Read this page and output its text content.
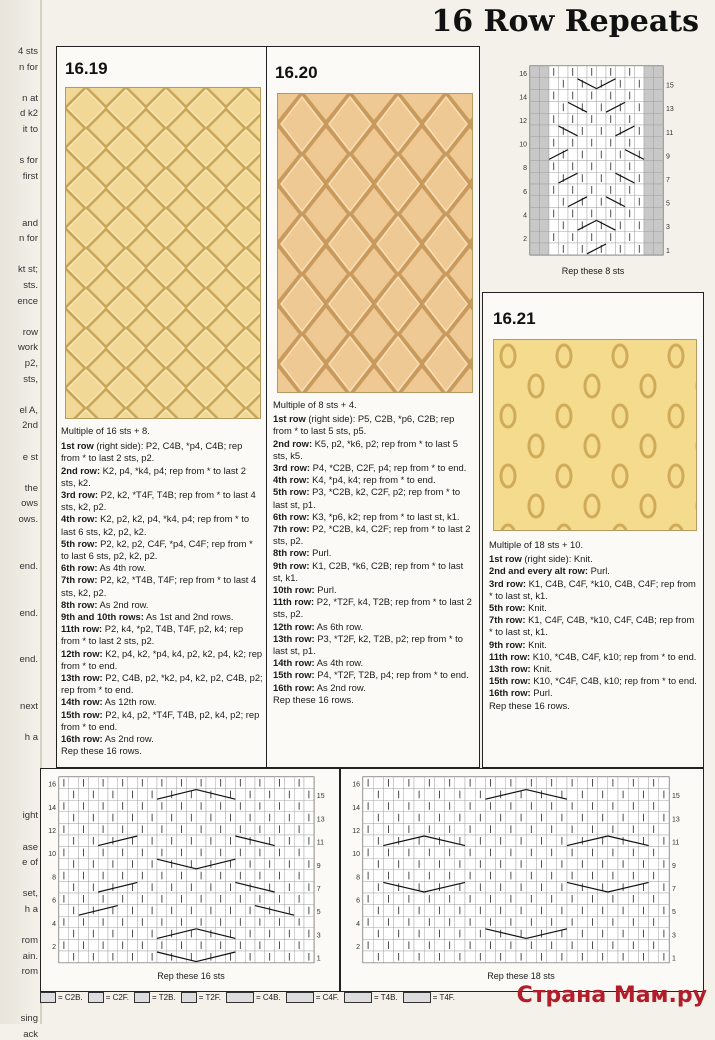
4 sts
n for
n at
d k2
it to
s for
first
and
n for
kt st;
sts.
ence
row
work
p2,
sts,
el A,
2nd
e st
the
ows
ows.
end.
end.
end.
next
h a
ight
ase
e of
set,
h a
rom
ain.
rom
sing
ack
16 Row Repeats
16.19

Multiple of 16 sts + 8.

1st row (right side): P2, C4B, *p4, C4B; rep from * to last 2 sts, p2.

2nd row: K2, p4, *k4, p4; rep from * to last 2 sts, k2.

3rd row: P2, k2, *T4F, T4B; rep from * to last 4 sts, k2, p2.

4th row: K2, p2, k2, p4, *k4, p4; rep from * to last 6 sts, k2, p2, k2.

5th row: P2, k2, p2, C4F, *p4, C4F; rep from * to last 6 sts, p2, k2, p2.

6th row: As 4th row.

7th row: P2, k2, *T4B, T4F; rep from * to last 4 sts, k2, p2.

8th row: As 2nd row.

9th and 10th rows: As 1st and 2nd rows.

11th row: P2, k4, *p2, T4B, T4F, p2, k4; rep from * to last 2 sts, p2.

12th row: K2, p4, k2, *p4, k4, p2, k2, p4, k2; rep from * to end.

13th row: P2, C4B, p2, *k2, p4, k2, p2, C4B, p2; rep from * to end.

14th row: As 12th row.

15th row: P2, k4, p2, *T4F, T4B, p2, k4, p2; rep from * to end.

16th row: As 2nd row.

Rep these 16 rows.

16.20

Multiple of 8 sts + 4.

1st row (right side): P5, C2B, *p6, C2B; rep from * to last 5 sts, p5.

2nd row: K5, p2, *k6, p2; rep from * to last 5 sts, k5.

3rd row: P4, *C2B, C2F, p4; rep from * to end.

4th row: K4, *p4, k4; rep from * to end.

5th row: P3, *C2B, k2, C2F, p2; rep from * to last st, p1.

6th row: K3, *p6, k2; rep from * to last st, k1.

7th row: P2, *C2B, k4, C2F; rep from * to last 2 sts, p2.

8th row: Purl.

9th row: K1, C2B, *k6, C2B; rep from * to last st, k1.

10th row: Purl.

11th row: P2, *T2F, k4, T2B; rep from * to last 2 sts, p2.

12th row: As 6th row.

13th row: P3, *T2F, k2, T2B, p2; rep from * to last st, p1.

14th row: As 4th row.

15th row: P4, *T2F, T2B, p4; rep from * to end.

16th row: As 2nd row.

Rep these 16 rows.

16
14
12
10
8
6
4
2
15
13
11
9
7
5
3
1
Rep these 8 sts
16.21

Multiple of 18 sts + 10.

1st row (right side): Knit.

2nd and every alt row: Purl.

3rd row: K1, C4B, C4F, *k10, C4B, C4F; rep from * to last st, k1.

5th row: Knit.

7th row: K1, C4F, C4B, *k10, C4F, C4B; rep from * to last st, k1.

9th row: Knit.

11th row: K10, *C4B, C4F, k10; rep from * to end.

13th row: Knit.

15th row: K10, *C4F, C4B, k10; rep from * to end.

16th row: Purl.

Rep these 16 rows.

16
14
12
10
8
6
4
2
15
13
11
9
7
5
3
1
Rep these 16 sts
16
14
12
10
8
6
4
2
15
13
11
9
7
5
3
1
Rep these 18 sts
= C2B.	= C2F.	= T2B.	= T2F.	= C4B.	= C4F.	= T4B.	= T4F.	Страна Мам.ру
